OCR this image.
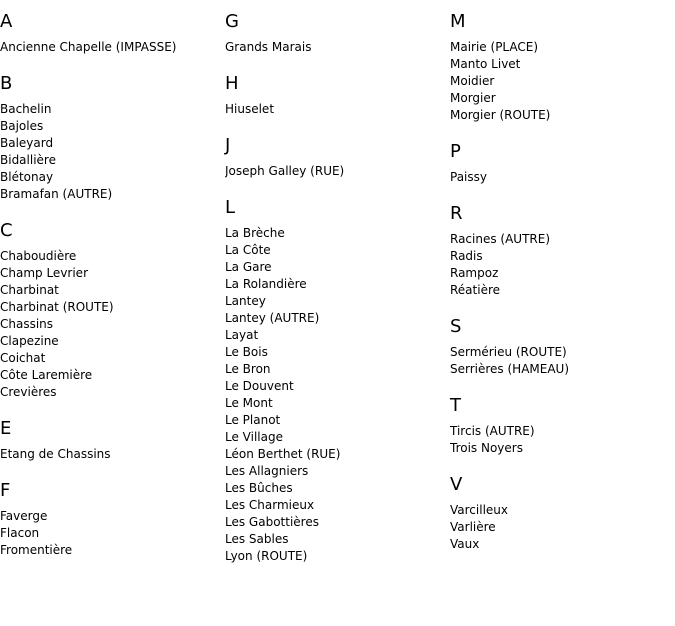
A
Ancienne Chapelle (IMPASSE)
B
Bachelin
Bajoles
Baleyard
Bidallière
Blétonay
Bramafan (AUTRE)
C
Chaboudière
Champ Levrier
Charbinat
Charbinat (ROUTE)
Chassins
Clapezine
Coichat
Côte Laremière
Crevières
E
Etang de Chassins
F
Faverge
Flacon
Fromentière
G
Grands Marais
H
Hiuselet
J
Joseph Galley (RUE)
L
La Brèche
La Côte
La Gare
La Rolandière
Lantey
Lantey (AUTRE)
Layat
Le Bois
Le Bron
Le Douvent
Le Mont
Le Planot
Le Village
Léon Berthet (RUE)
Les Allagniers
Les Bûches
Les Charmieux
Les Gabottières
Les Sables
Lyon (ROUTE)
M
Mairie (PLACE)
Manto Livet
Moidier
Morgier
Morgier (ROUTE)
P
Paissy
R
Racines (AUTRE)
Radis
Rampoz
Réatière
S
Sermérieu (ROUTE)
Serrières (HAMEAU)
T
Tircis (AUTRE)
Trois Noyers
V
Varcilleux
Varlière
Vaux
